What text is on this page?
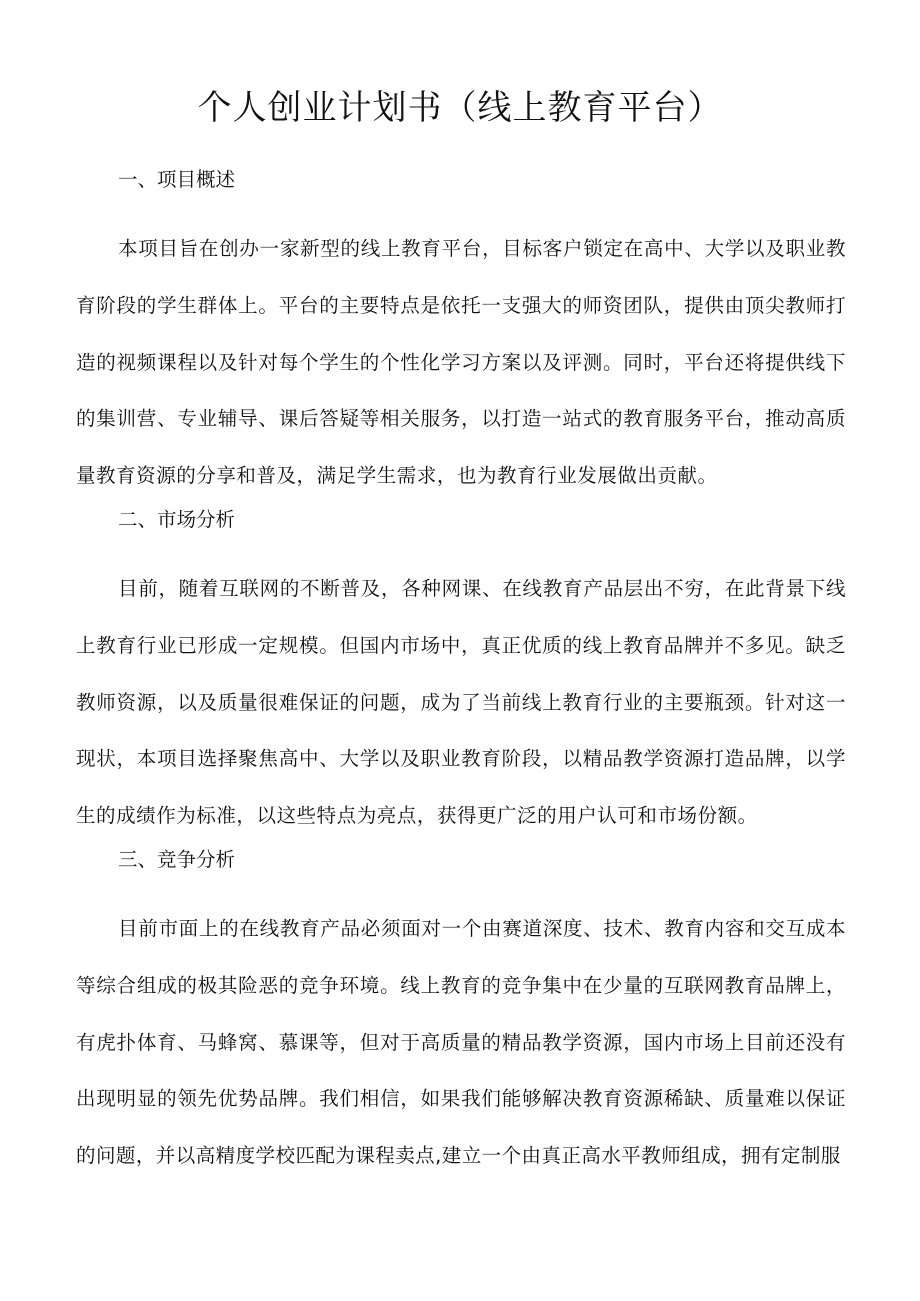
个人创业计划书（线上教育平台）
一、项目概述

本项目旨在创办一家新型的线上教育平台，目标客户锁定在高中、大学以及职业教育阶段的学生群体上。平台的主要特点是依托一支强大的师资团队，提供由顶尖教师打造的视频课程以及针对每个学生的个性化学习方案以及评测。同时，平台还将提供线下的集训营、专业辅导、课后答疑等相关服务，以打造一站式的教育服务平台，推动高质量教育资源的分享和普及，满足学生需求，也为教育行业发展做出贡献。

二、市场分析

目前，随着互联网的不断普及，各种网课、在线教育产品层出不穷，在此背景下线上教育行业已形成一定规模。但国内市场中，真正优质的线上教育品牌并不多见。缺乏教师资源，以及质量很难保证的问题，成为了当前线上教育行业的主要瓶颈。针对这一现状，本项目选择聚焦高中、大学以及职业教育阶段，以精品教学资源打造品牌，以学生的成绩作为标准，以这些特点为亮点，获得更广泛的用户认可和市场份额。

三、竞争分析

目前市面上的在线教育产品必须面对一个由赛道深度、技术、教育内容和交互成本等综合组成的极其险恶的竞争环境。线上教育的竞争集中在少量的互联网教育品牌上，有虎扑体育、马蜂窝、慕课等，但对于高质量的精品教学资源，国内市场上目前还没有出现明显的领先优势品牌。我们相信，如果我们能够解决教育资源稀缺、质量难以保证的问题，并以高精度学校匹配为课程卖点,建立一个由真正高水平教师组成，拥有定制服
